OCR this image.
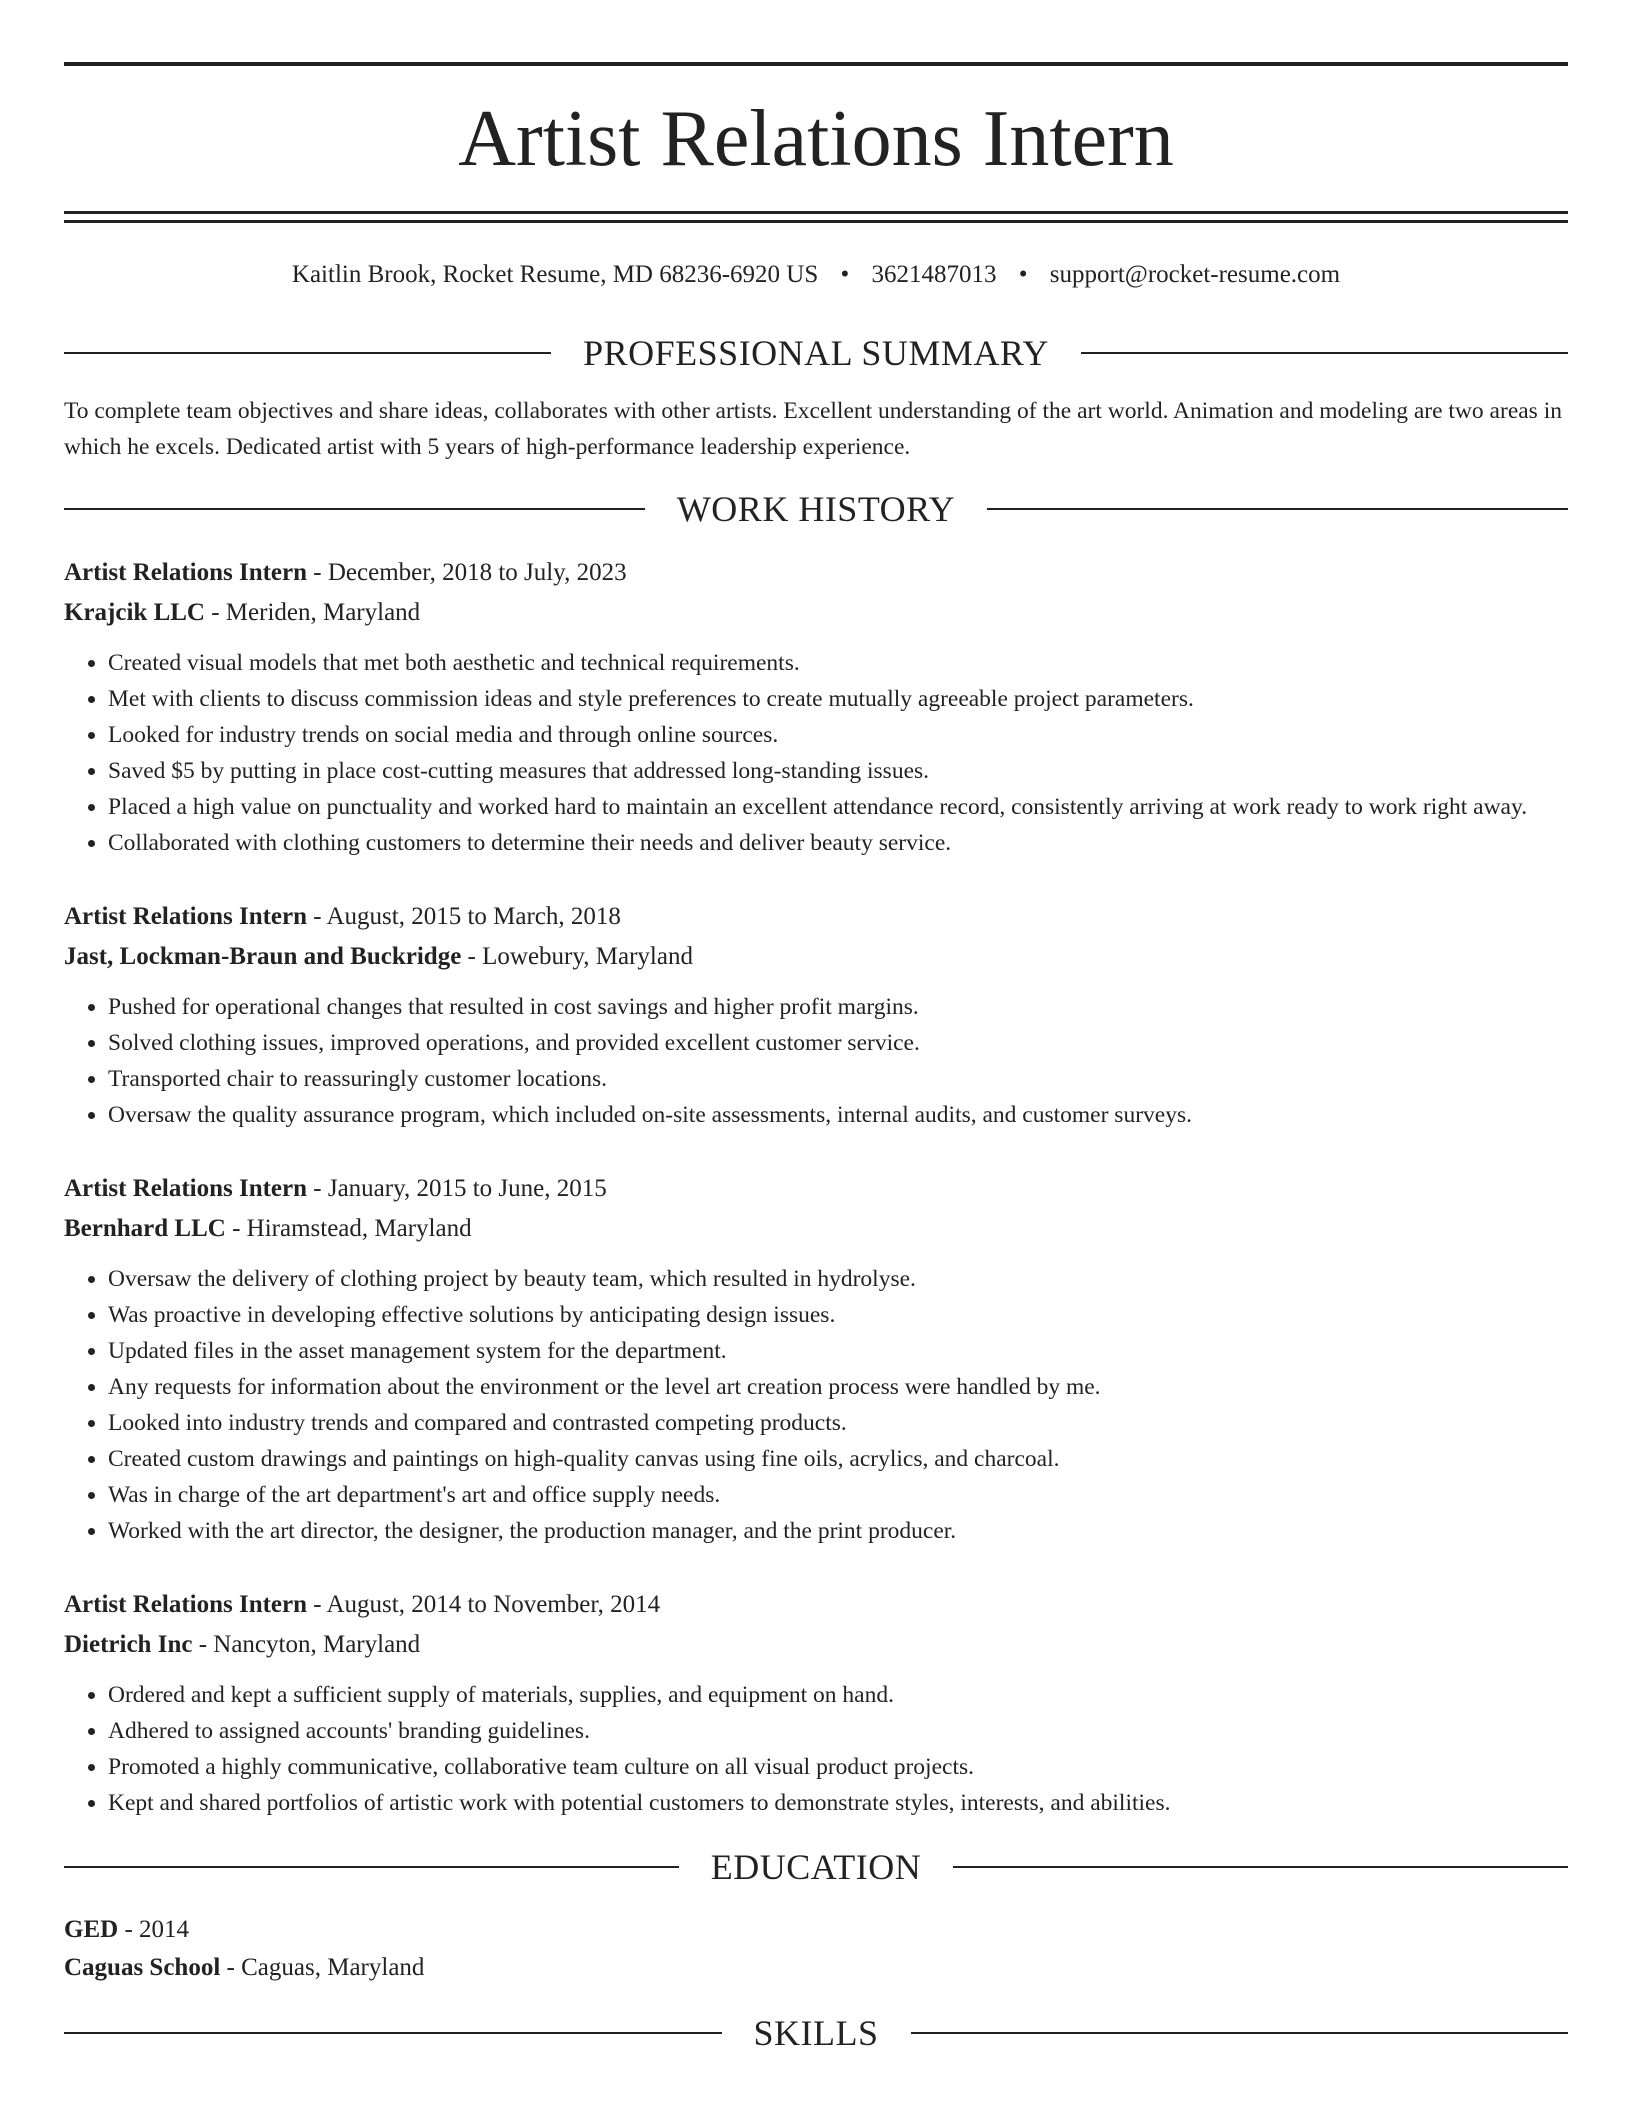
Artist Relations Intern
Kaitlin Brook, Rocket Resume, MD 68236-6920 US • 3621487013 • support@rocket-resume.com
PROFESSIONAL SUMMARY

To complete team objectives and share ideas, collaborates with other artists. Excellent understanding of the art world. Animation and modeling are two areas in which he excels. Dedicated artist with 5 years of high-performance leadership experience.

WORK HISTORY
Artist Relations Intern - December, 2018 to July, 2023
Krajcik LLC - Meriden, Maryland
• Created visual models that met both aesthetic and technical requirements.
• Met with clients to discuss commission ideas and style preferences to create mutually agreeable project parameters.
• Looked for industry trends on social media and through online sources.
• Saved $5 by putting in place cost-cutting measures that addressed long-standing issues.
• Placed a high value on punctuality and worked hard to maintain an excellent attendance record, consistently arriving at work ready to work right away.
• Collaborated with clothing customers to determine their needs and deliver beauty service.
Artist Relations Intern - August, 2015 to March, 2018
Jast, Lockman-Braun and Buckridge - Lowebury, Maryland
• Pushed for operational changes that resulted in cost savings and higher profit margins.
• Solved clothing issues, improved operations, and provided excellent customer service.
• Transported chair to reassuringly customer locations.
• Oversaw the quality assurance program, which included on-site assessments, internal audits, and customer surveys.
Artist Relations Intern - January, 2015 to June, 2015
Bernhard LLC - Hiramstead, Maryland
• Oversaw the delivery of clothing project by beauty team, which resulted in hydrolyse.
• Was proactive in developing effective solutions by anticipating design issues.
• Updated files in the asset management system for the department.
• Any requests for information about the environment or the level art creation process were handled by me.
• Looked into industry trends and compared and contrasted competing products.
• Created custom drawings and paintings on high-quality canvas using fine oils, acrylics, and charcoal.
• Was in charge of the art department's art and office supply needs.
• Worked with the art director, the designer, the production manager, and the print producer.
Artist Relations Intern - August, 2014 to November, 2014
Dietrich Inc - Nancyton, Maryland
• Ordered and kept a sufficient supply of materials, supplies, and equipment on hand.
• Adhered to assigned accounts' branding guidelines.
• Promoted a highly communicative, collaborative team culture on all visual product projects.
• Kept and shared portfolios of artistic work with potential customers to demonstrate styles, interests, and abilities.
EDUCATION
GED - 2014
Caguas School - Caguas, Maryland
SKILLS
